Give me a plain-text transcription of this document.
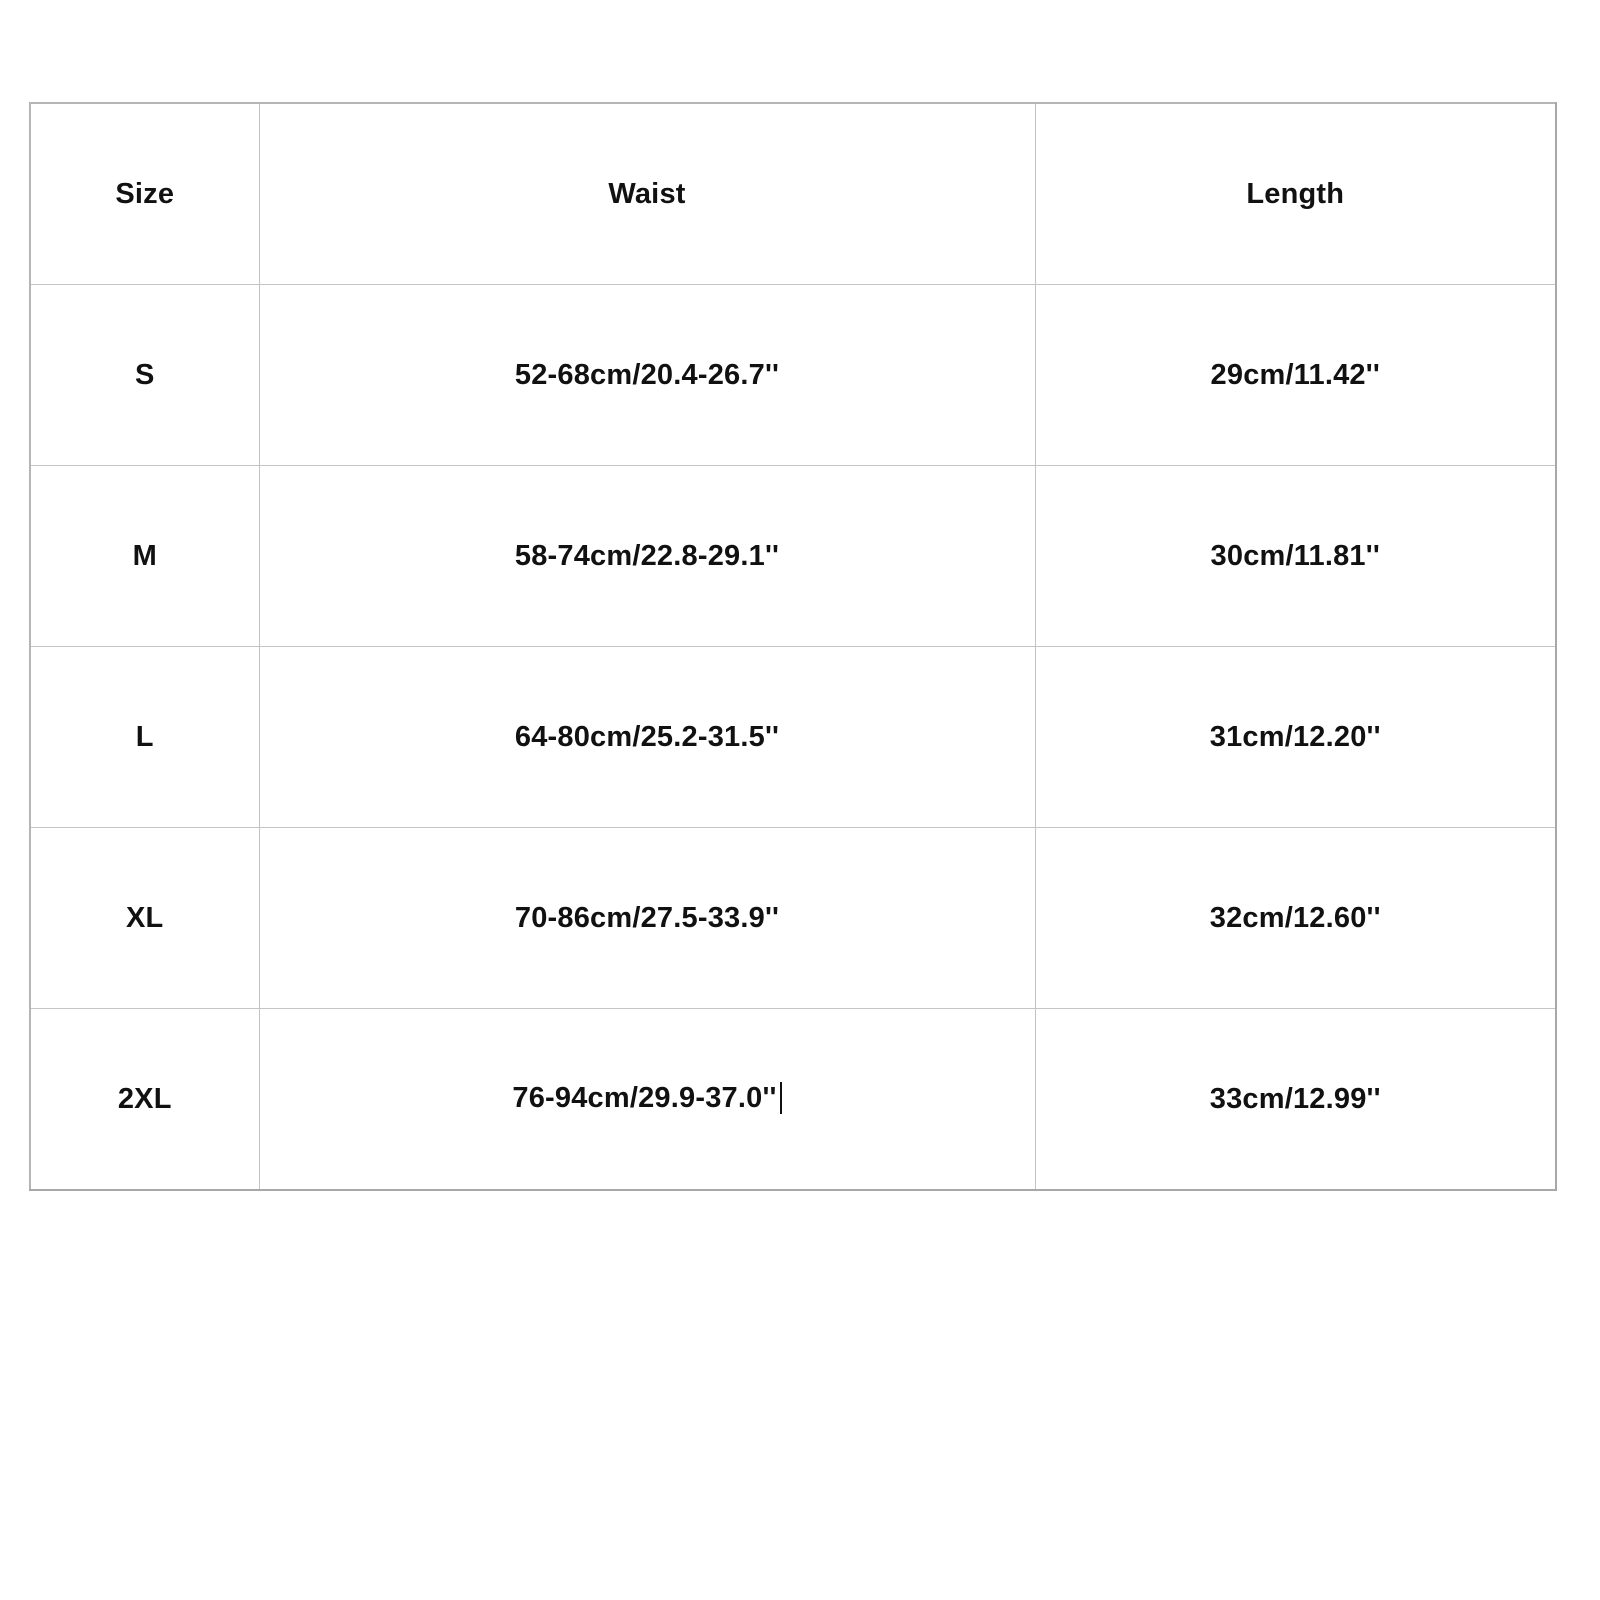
Size	Waist	Length
S	52-68cm/20.4-26.7''	29cm/11.42''
M	58-74cm/22.8-29.1''	30cm/11.81''
L	64-80cm/25.2-31.5''	31cm/12.20''
XL	70-86cm/27.5-33.9''	32cm/12.60''
2XL	76-94cm/29.9-37.0''	33cm/12.99''
